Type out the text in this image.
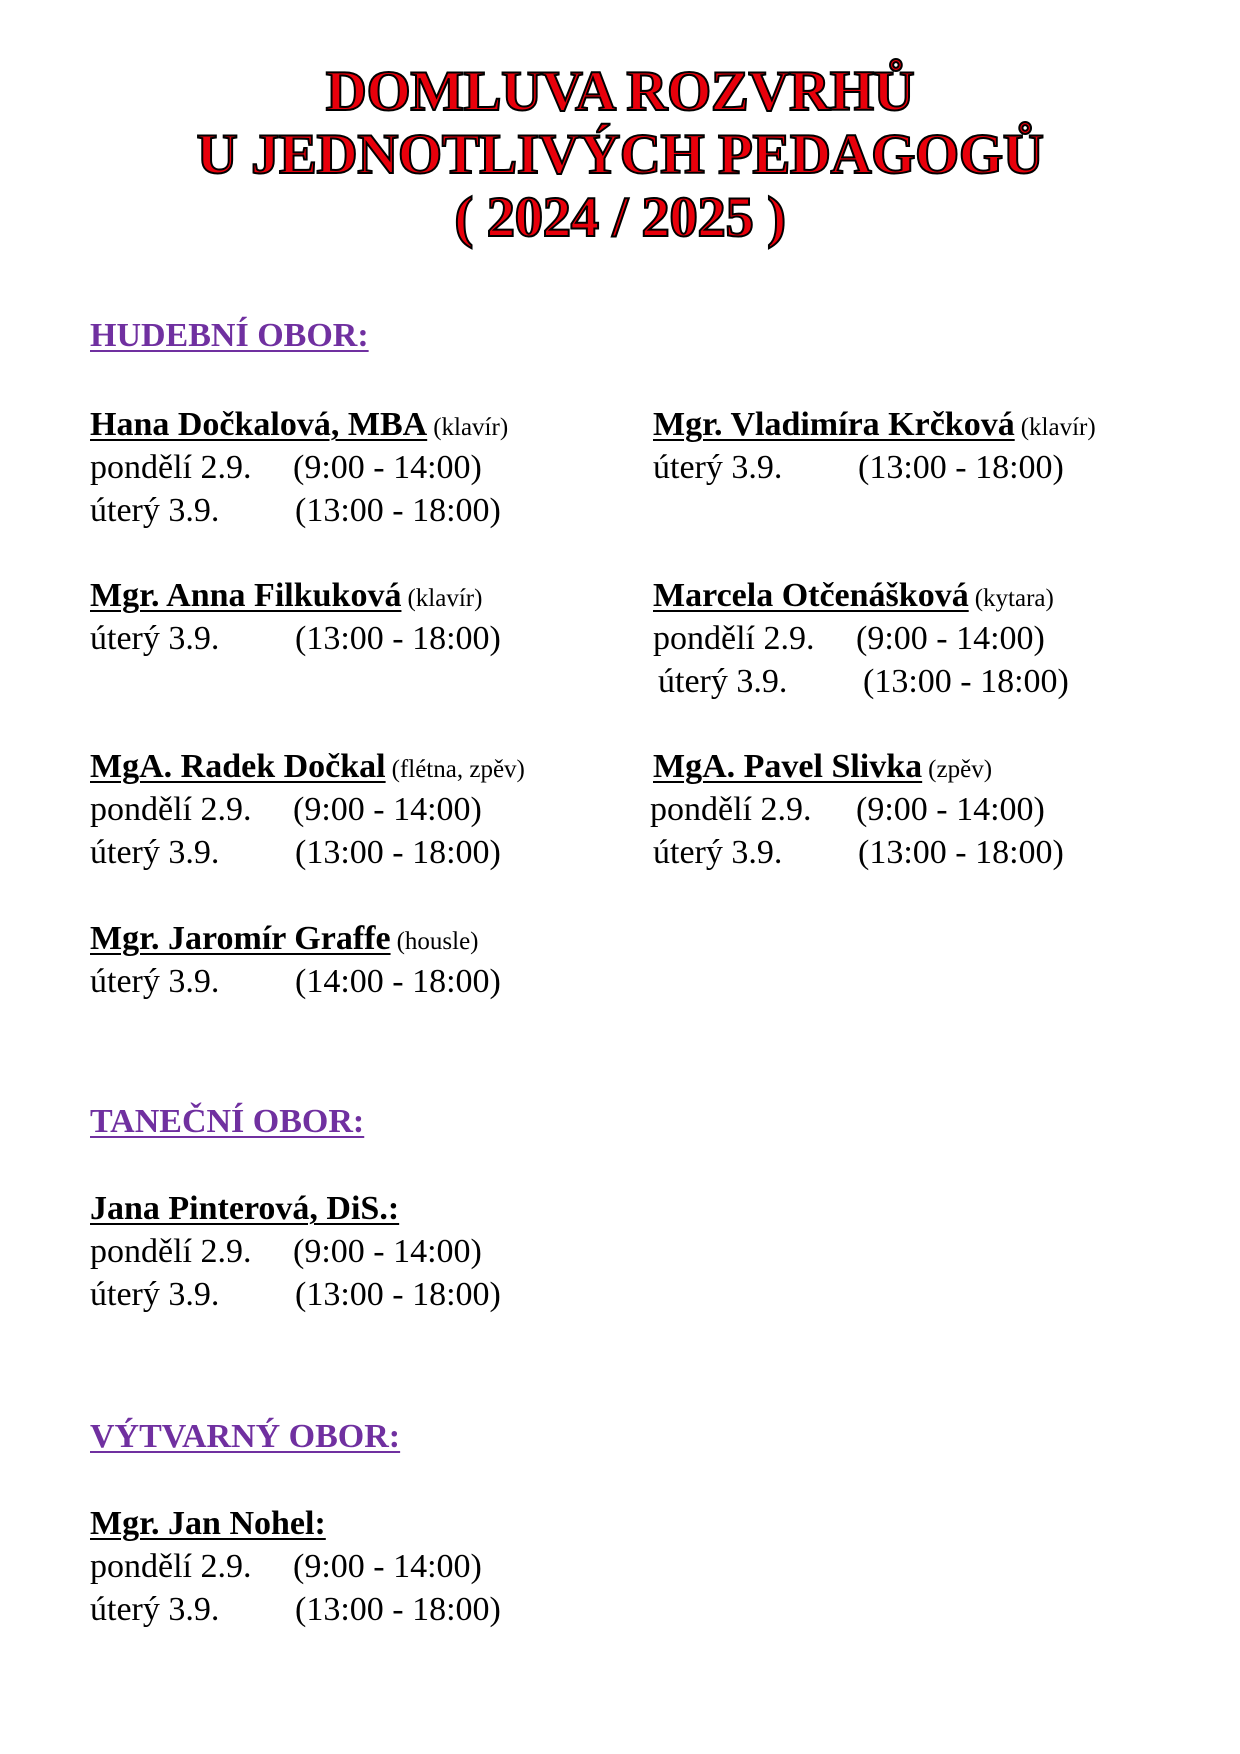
DOMLUVA ROZVRHŮ
U JEDNOTLIVÝCH PEDAGOGŮ
( 2024 / 2025 )
HUDEBNÍ OBOR:
Hana Dočkalová, MBA (klavír)
pondělí 2.9. (9:00 - 14:00)
úterý 3.9. (13:00 - 18:00)
Mgr. Vladimíra Krčková (klavír)
úterý 3.9. (13:00 - 18:00)
Mgr. Anna Filkuková (klavír)
úterý 3.9. (13:00 - 18:00)
Marcela Otčenášková (kytara)
pondělí 2.9. (9:00 - 14:00)
úterý 3.9. (13:00 - 18:00)
MgA. Radek Dočkal (flétna, zpěv)
pondělí 2.9. (9:00 - 14:00)
úterý 3.9. (13:00 - 18:00)
MgA. Pavel Slivka (zpěv)
pondělí 2.9. (9:00 - 14:00)
úterý 3.9. (13:00 - 18:00)
Mgr. Jaromír Graffe (housle)
úterý 3.9. (14:00 - 18:00)
TANEČNÍ OBOR:
Jana Pinterová, DiS.:
pondělí 2.9. (9:00 - 14:00)
úterý 3.9. (13:00 - 18:00)
VÝTVARNÝ OBOR:
Mgr. Jan Nohel:
pondělí 2.9. (9:00 - 14:00)
úterý 3.9. (13:00 - 18:00)
